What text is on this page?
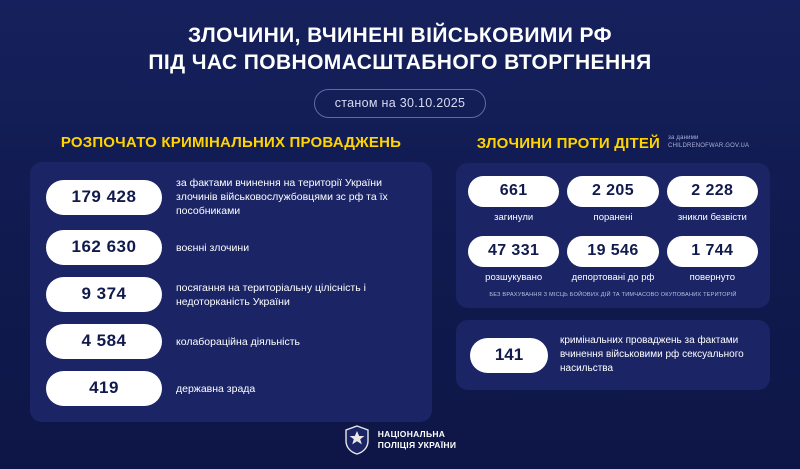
ЗЛОЧИНИ, ВЧИНЕНІ ВІЙСЬКОВИМИ РФ
ПІД ЧАС ПОВНОМАСШТАБНОГО ВТОРГНЕННЯ
станом на 30.10.2025
РОЗПОЧАТО КРИМІНАЛЬНИХ ПРОВАДЖЕНЬ
179 428
за фактами вчинення на території України злочинів військовослужбовцями зс рф та їх пособниками
162 630	воєнні злочини
9 374	посягання на територіальну цілісність і недоторканість України
4 584	колабораційна діяльність
419	державна зрада
ЗЛОЧИНИ ПРОТИ ДІТЕЙ за даними
CHILDRENOFWAR.GOV.UA
661
загинули
2 205
поранені
2 228
зникли безвісти
47 331
розшукувано
19 546
депортовані до рф
1 744
повернуто
БЕЗ ВРАХУВАННЯ З МІСЦЬ БОЙОВИХ ДІЙ ТА ТИМЧАСОВО ОКУПОВАНИХ ТЕРИТОРІЙ
141
кримінальних проваджень за фактами вчинення військовими рф сексуального насильства
НАЦІОНАЛЬНА
ПОЛІЦІЯ УКРАЇНИ
